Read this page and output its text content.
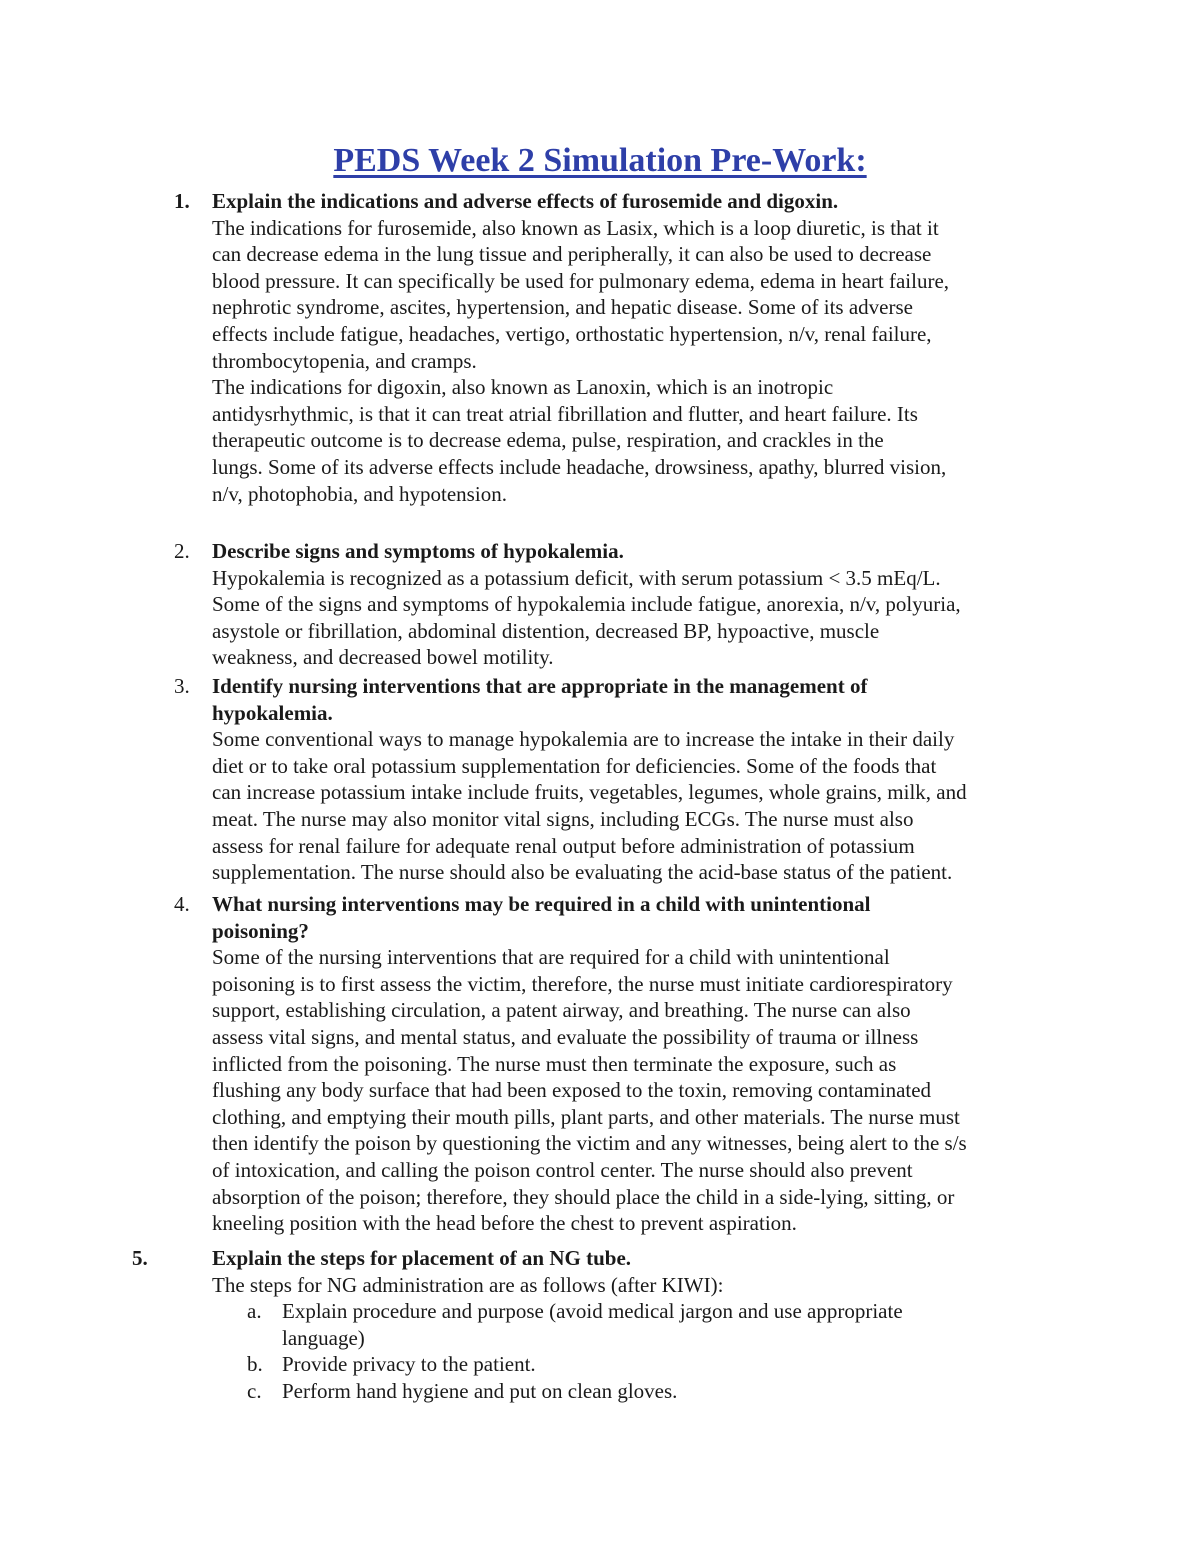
PEDS Week 2 Simulation Pre-Work:
1. Explain the indications and adverse effects of furosemide and digoxin.
The indications for furosemide, also known as Lasix, which is a loop diuretic, is that it
can decrease edema in the lung tissue and peripherally, it can also be used to decrease
blood pressure. It can specifically be used for pulmonary edema, edema in heart failure,
nephrotic syndrome, ascites, hypertension, and hepatic disease. Some of its adverse
effects include fatigue, headaches, vertigo, orthostatic hypertension, n/v, renal failure,
thrombocytopenia, and cramps.
The indications for digoxin, also known as Lanoxin, which is an inotropic
antidysrhythmic, is that it can treat atrial fibrillation and flutter, and heart failure. Its
therapeutic outcome is to decrease edema, pulse, respiration, and crackles in the
lungs. Some of its adverse effects include headache, drowsiness, apathy, blurred vision,
n/v, photophobia, and hypotension.
2. Describe signs and symptoms of hypokalemia.
Hypokalemia is recognized as a potassium deficit, with serum potassium < 3.5 mEq/L.
Some of the signs and symptoms of hypokalemia include fatigue, anorexia, n/v, polyuria,
asystole or fibrillation, abdominal distention, decreased BP, hypoactive, muscle
weakness, and decreased bowel motility.
3. Identify nursing interventions that are appropriate in the management of
hypokalemia.
Some conventional ways to manage hypokalemia are to increase the intake in their daily
diet or to take oral potassium supplementation for deficiencies. Some of the foods that
can increase potassium intake include fruits, vegetables, legumes, whole grains, milk, and
meat. The nurse may also monitor vital signs, including ECGs. The nurse must also
assess for renal failure for adequate renal output before administration of potassium
supplementation. The nurse should also be evaluating the acid-base status of the patient.
4. What nursing interventions may be required in a child with unintentional
poisoning?
Some of the nursing interventions that are required for a child with unintentional
poisoning is to first assess the victim, therefore, the nurse must initiate cardiorespiratory
support, establishing circulation, a patent airway, and breathing. The nurse can also
assess vital signs, and mental status, and evaluate the possibility of trauma or illness
inflicted from the poisoning. The nurse must then terminate the exposure, such as
flushing any body surface that had been exposed to the toxin, removing contaminated
clothing, and emptying their mouth pills, plant parts, and other materials. The nurse must
then identify the poison by questioning the victim and any witnesses, being alert to the s/s
of intoxication, and calling the poison control center. The nurse should also prevent
absorption of the poison; therefore, they should place the child in a side-lying, sitting, or
kneeling position with the head before the chest to prevent aspiration.
5.	Explain the steps for placement of an NG tube.
The steps for NG administration are as follows (after KIWI):
a. Explain procedure and purpose (avoid medical jargon and use appropriate
language)
b. Provide privacy to the patient.
c. Perform hand hygiene and put on clean gloves.
